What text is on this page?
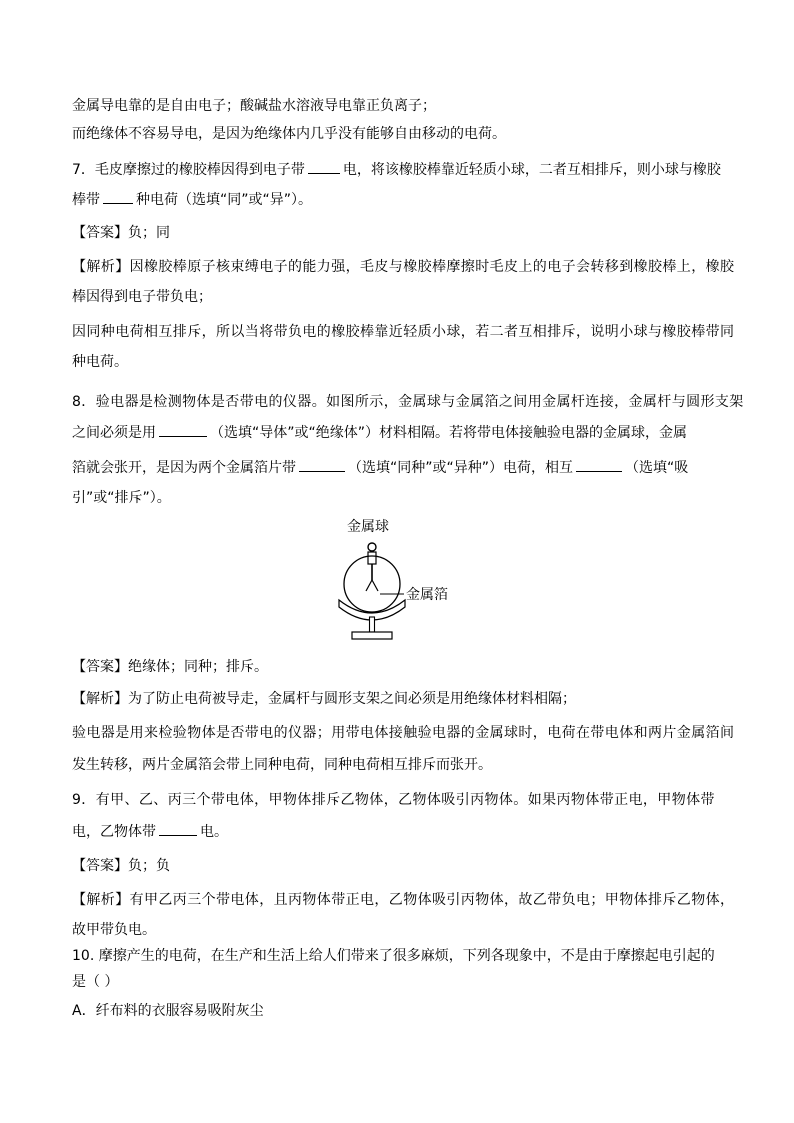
金属导电靠的是自由电子；酸碱盐水溶液导电靠正负离子；
而绝缘体不容易导电，是因为绝缘体内几乎没有能够自由移动的电荷。
7．毛皮摩擦过的橡胶棒因得到电子带	电，将该橡胶棒靠近轻质小球，二者互相排斥，则小球与橡胶
棒带	种电荷（选填“同”或“异”）。
【答案】负；同
【解析】因橡胶棒原子核束缚电子的能力强，毛皮与橡胶棒摩擦时毛皮上的电子会转移到橡胶棒上，橡胶
棒因得到电子带负电；
因同种电荷相互排斥，所以当将带负电的橡胶棒靠近轻质小球，若二者互相排斥，说明小球与橡胶棒带同
种电荷。
8．验电器是检测物体是否带电的仪器。如图所示，金属球与金属箔之间用金属杆连接，金属杆与圆形支架
之间必须是用	（选填“导体”或“绝缘体”）材料相隔。若将带电体接触验电器的金属球，金属
箔就会张开，是因为两个金属箔片带	（选填“同种”或“异种”）电荷，相互	（选填“吸
引”或“排斥”）。
金属球
金属箔
【答案】绝缘体；同种；排斥。
【解析】为了防止电荷被导走，金属杆与圆形支架之间必须是用绝缘体材料相隔；
验电器是用来检验物体是否带电的仪器；用带电体接触验电器的金属球时，电荷在带电体和两片金属箔间
发生转移，两片金属箔会带上同种电荷，同种电荷相互排斥而张开。
9．有甲、乙、丙三个带电体，甲物体排斥乙物体，乙物体吸引丙物体。如果丙物体带正电，甲物体带
电，乙物体带	电。
【答案】负；负
【解析】有甲乙丙三个带电体，且丙物体带正电，乙物体吸引丙物体，故乙带负电；甲物体排斥乙物体，
故甲带负电。
10. 摩擦产生的电荷，在生产和生活上给人们带来了很多麻烦，下列各现象中，不是由于摩擦起电引起的
是（ ）
A．纤布料的衣服容易吸附灰尘
